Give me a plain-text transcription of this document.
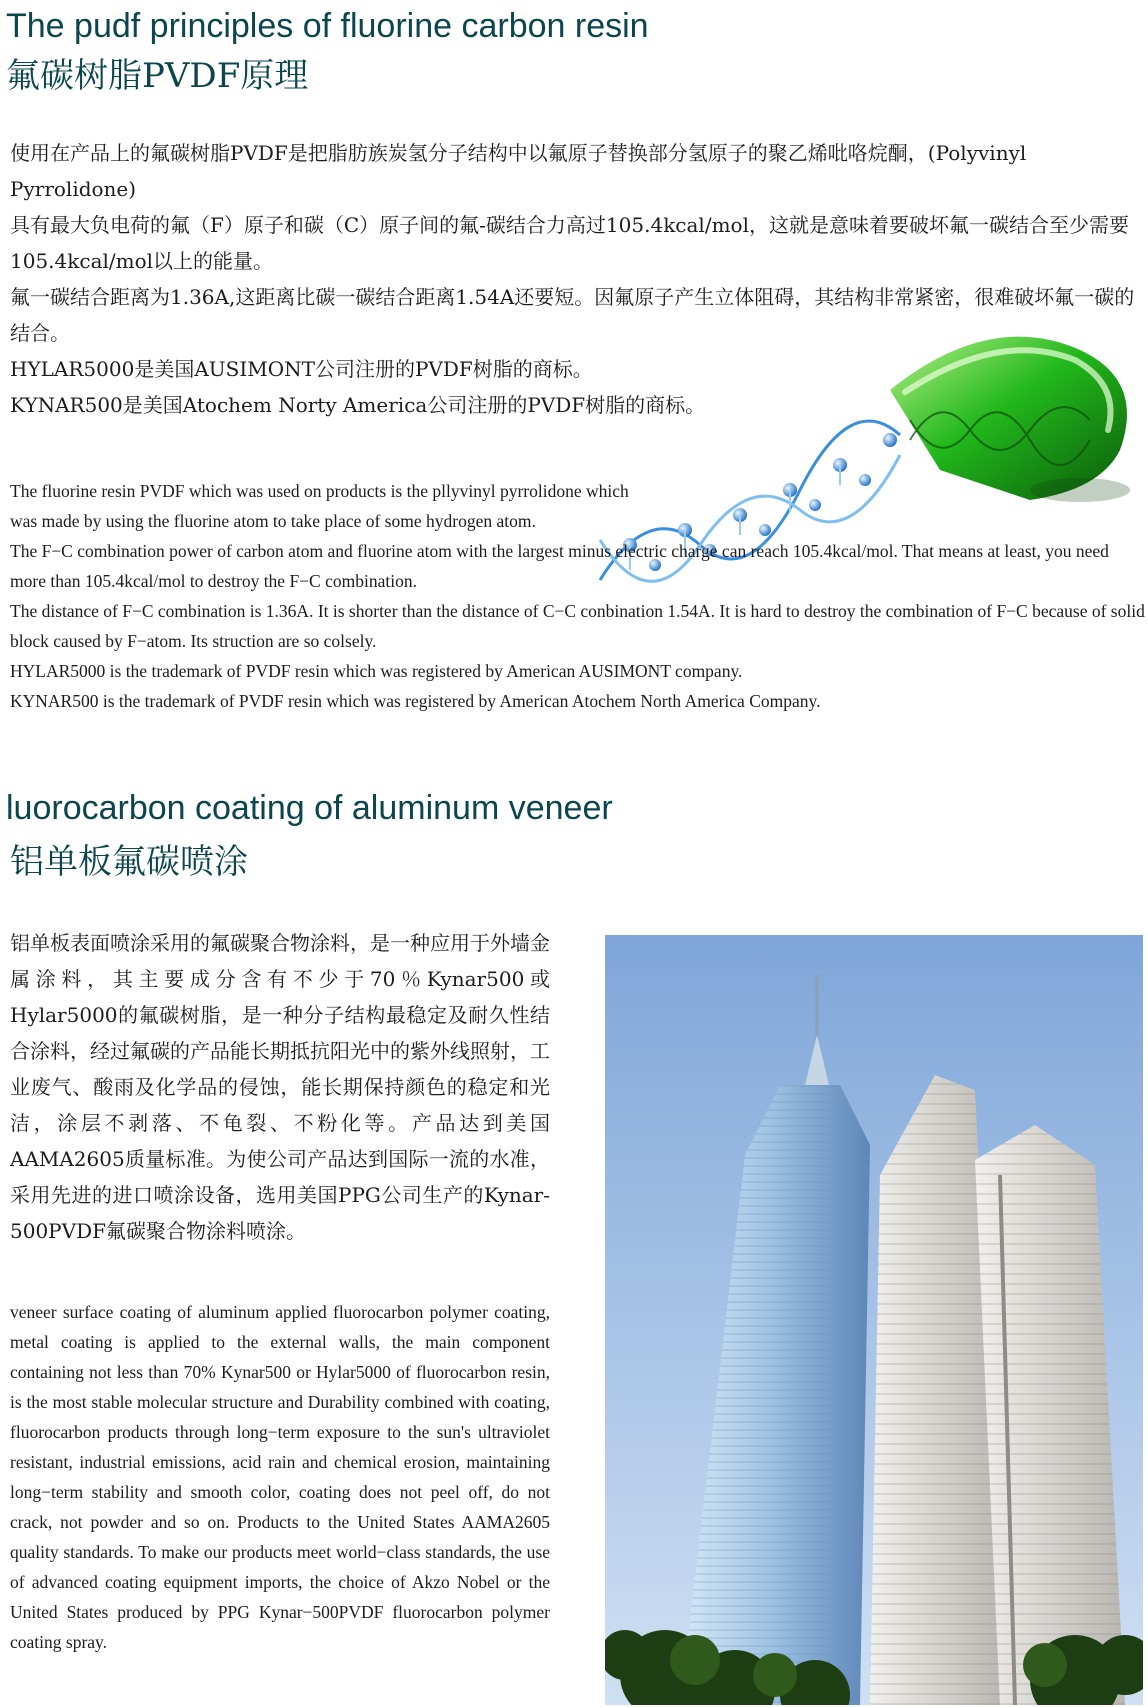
The pudf principles of fluorine carbon resin
氟碳树脂PVDF原理

使用在产品上的氟碳树脂PVDF是把脂肪族炭氢分子结构中以氟原子替换部分氢原子的聚乙烯吡咯烷酮，(Polyvinyl Pyrrolidone)

具有最大负电荷的氟（F）原子和碳（C）原子间的氟-碳结合力高过105.4kcal/mol，这就是意味着要破坏氟一碳结合至少需要105.4kcal/mol以上的能量。

氟一碳结合距离为1.36A,这距离比碳一碳结合距离1.54A还要短。因氟原子产生立体阻碍，其结构非常紧密，很难破坏氟一碳的结合。

HYLAR5000是美国AUSIMONT公司注册的PVDF树脂的商标。

KYNAR500是美国Atochem Norty America公司注册的PVDF树脂的商标。

The fluorine resin PVDF which was used on products is the pllyvinyl pyrrolidone which

was made by using the fluorine atom to take place of some hydrogen atom.

The F−C combination power of carbon atom and fluorine atom with the largest minus electric charge can reach 105.4kcal/mol. That means at least, you need more than 105.4kcal/mol to destroy the F−C combination.

The distance of F−C combination is 1.36A. It is shorter than the distance of C−C conbination 1.54A. It is hard to destroy the combination of F−C because of solid block caused by F−atom. Its struction are so colsely.

HYLAR5000 is the trademark of PVDF resin which was registered by American AUSIMONT company.

KYNAR500 is the trademark of PVDF resin which was registered by American Atochem North America Company.

luorocarbon coating of aluminum veneer
铝单板氟碳喷涂

铝单板表面喷涂采用的氟碳聚合物涂料，是一种应用于外墙金属涂料，其主要成分含有不少于70％Kynar500或Hylar5000的氟碳树脂，是一种分子结构最稳定及耐久性结合涂料，经过氟碳的产品能长期抵抗阳光中的紫外线照射，工业废气、酸雨及化学品的侵蚀，能长期保持颜色的稳定和光洁，涂层不剥落、不龟裂、不粉化等。产品达到美国AAMA2605质量标准。为使公司产品达到国际一流的水准，采用先进的进口喷涂设备，选用美国PPG公司生产的Kynar-500PVDF氟碳聚合物涂料喷涂。

veneer surface coating of aluminum applied fluorocarbon polymer coating, metal coating is applied to the external walls, the main component containing not less than 70% Kynar500 or Hylar5000 of fluorocarbon resin, is the most stable molecular structure and Durability combined with coating, fluorocarbon products through long−term exposure to the sun's ultraviolet resistant, industrial emissions, acid rain and chemical erosion, maintaining long−term stability and smooth color, coating does not peel off, do not crack, not powder and so on. Products to the United States AAMA2605 quality standards. To make our products meet world−class standards, the use of advanced coating equipment imports, the choice of Akzo Nobel or the United States produced by PPG Kynar−500PVDF fluorocarbon polymer coating spray.
